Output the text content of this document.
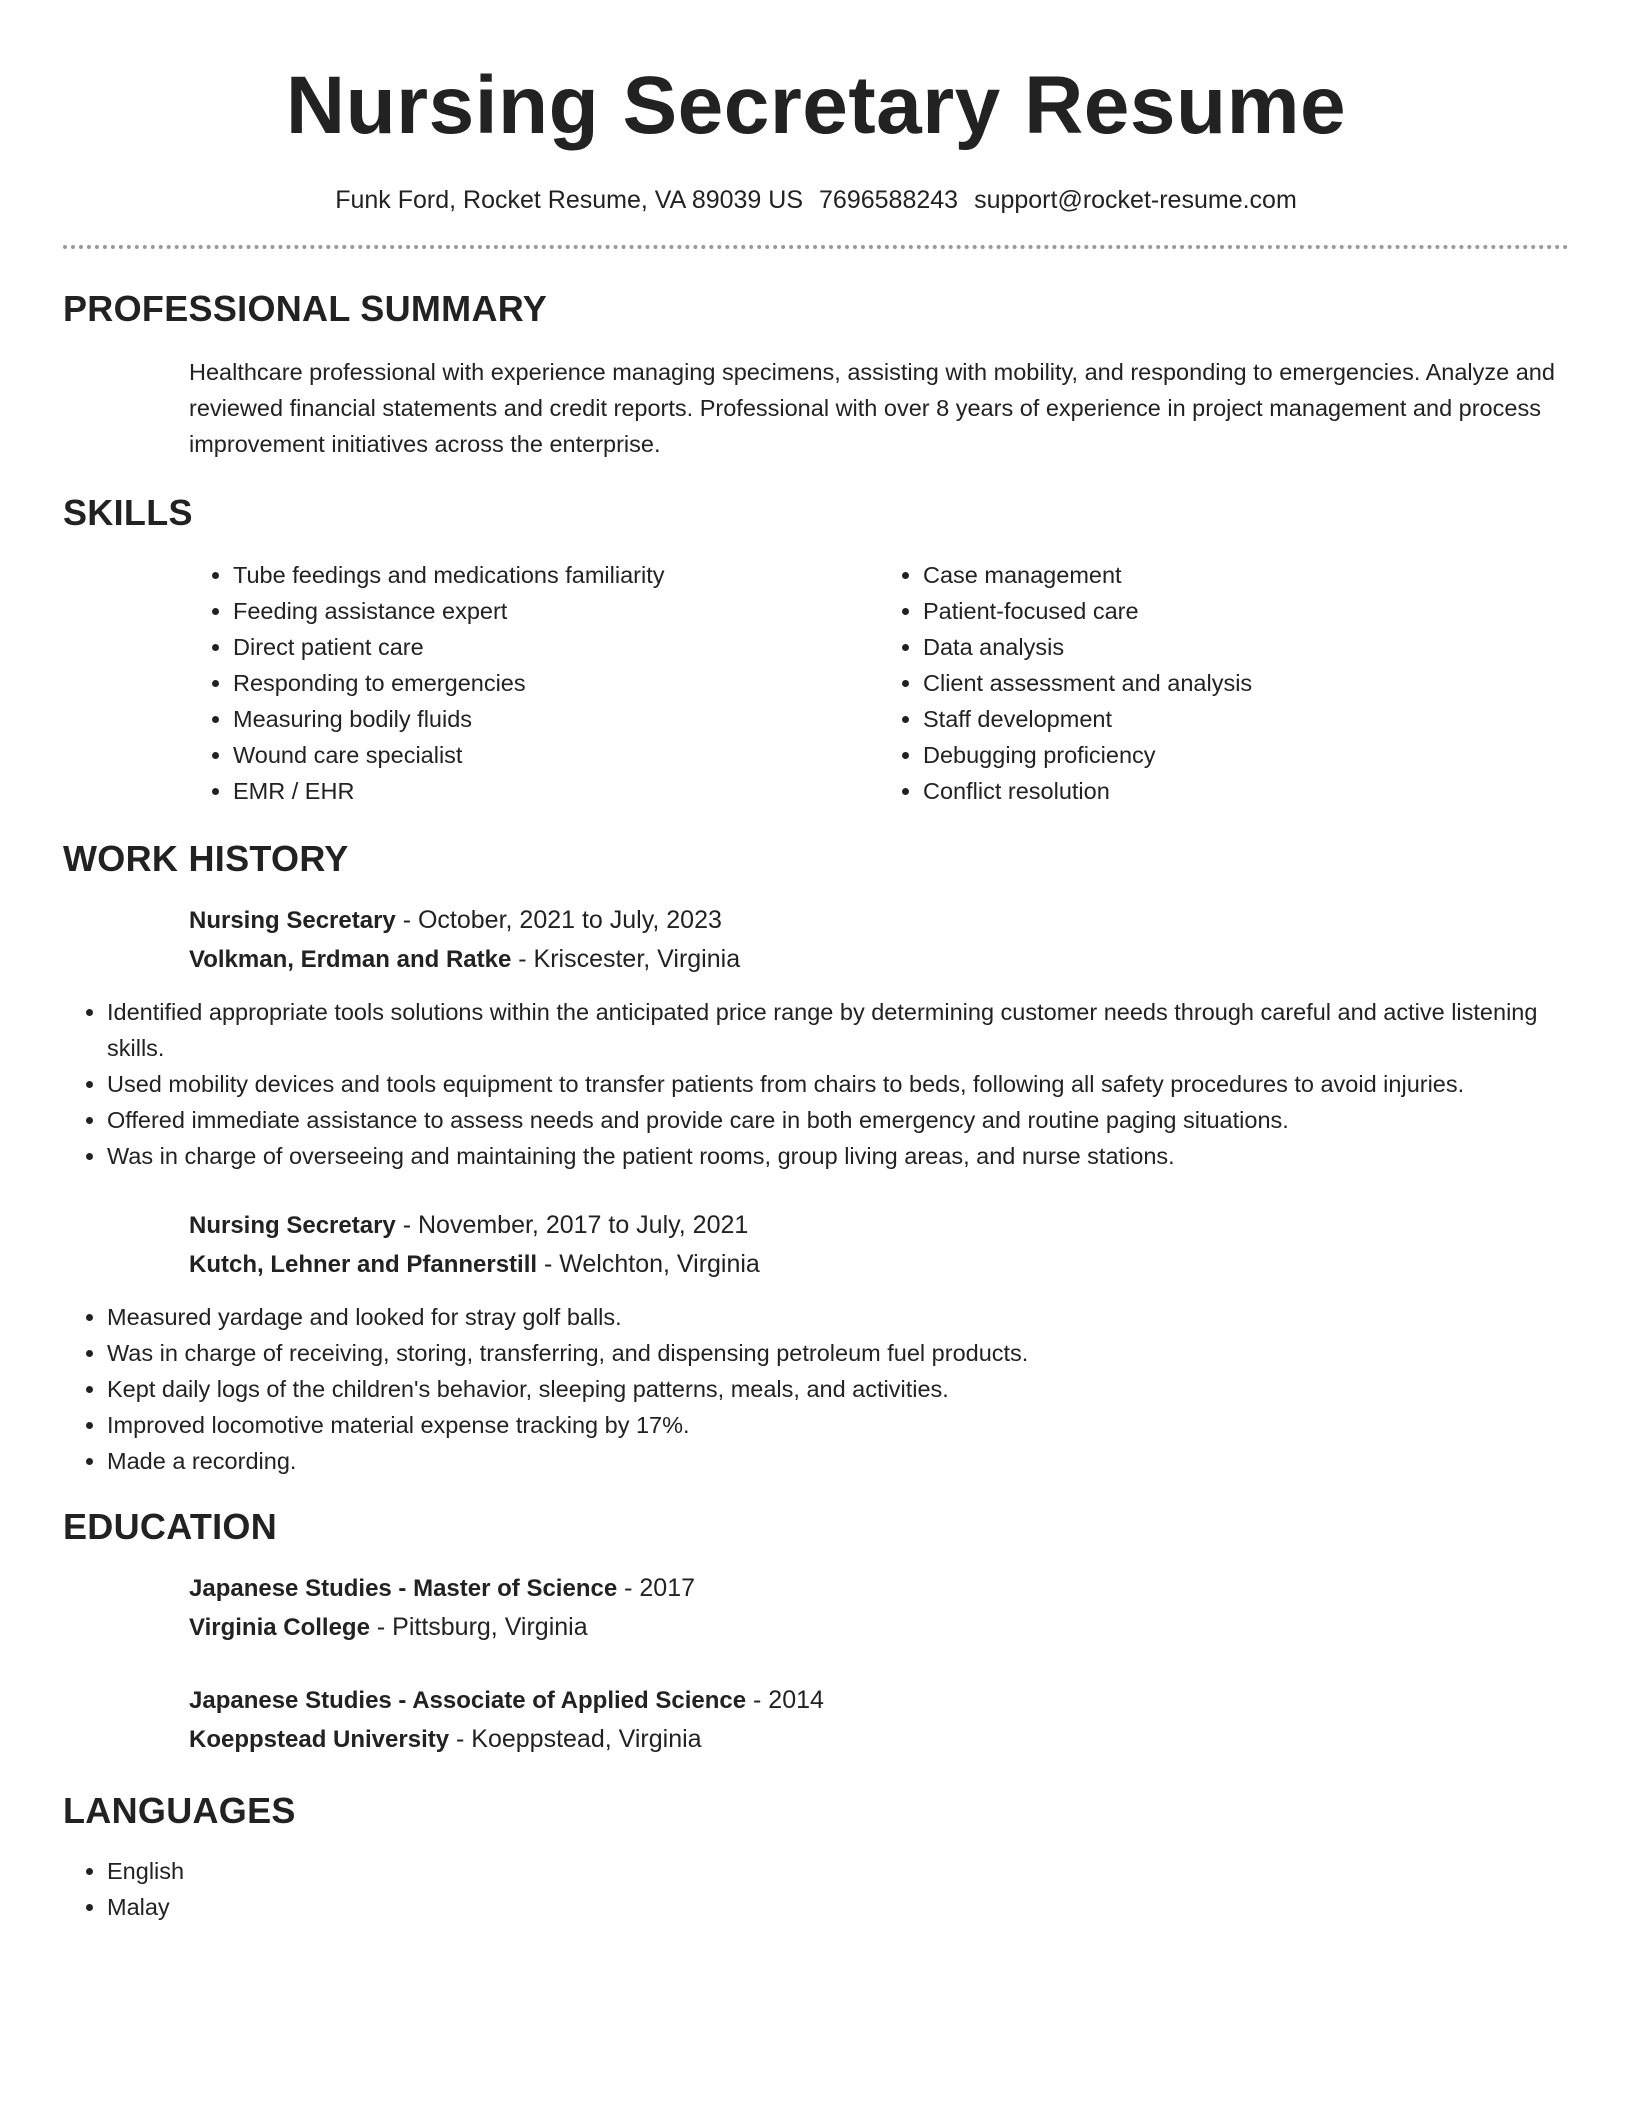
Nursing Secretary Resume
Funk Ford, Rocket Resume, VA 89039 US 7696588243 support@rocket-resume.com
PROFESSIONAL SUMMARY
Healthcare professional with experience managing specimens, assisting with mobility, and responding to emergencies. Analyze and reviewed financial statements and credit reports. Professional with over 8 years of experience in project management and process improvement initiatives across the enterprise.
SKILLS
• Tube feedings and medications familiarity
• Feeding assistance expert
• Direct patient care
• Responding to emergencies
• Measuring bodily fluids
• Wound care specialist
• EMR / EHR
• Case management
• Patient-focused care
• Data analysis
• Client assessment and analysis
• Staff development
• Debugging proficiency
• Conflict resolution
WORK HISTORY
Nursing Secretary - October, 2021 to July, 2023
Volkman, Erdman and Ratke - Kriscester, Virginia
• Identified appropriate tools solutions within the anticipated price range by determining customer needs through careful and active listening skills.
• Used mobility devices and tools equipment to transfer patients from chairs to beds, following all safety procedures to avoid injuries.
• Offered immediate assistance to assess needs and provide care in both emergency and routine paging situations.
• Was in charge of overseeing and maintaining the patient rooms, group living areas, and nurse stations.
Nursing Secretary - November, 2017 to July, 2021
Kutch, Lehner and Pfannerstill - Welchton, Virginia
• Measured yardage and looked for stray golf balls.
• Was in charge of receiving, storing, transferring, and dispensing petroleum fuel products.
• Kept daily logs of the children's behavior, sleeping patterns, meals, and activities.
• Improved locomotive material expense tracking by 17%.
• Made a recording.
EDUCATION
Japanese Studies - Master of Science - 2017
Virginia College - Pittsburg, Virginia
Japanese Studies - Associate of Applied Science - 2014
Koeppstead University - Koeppstead, Virginia
LANGUAGES
• English
• Malay
